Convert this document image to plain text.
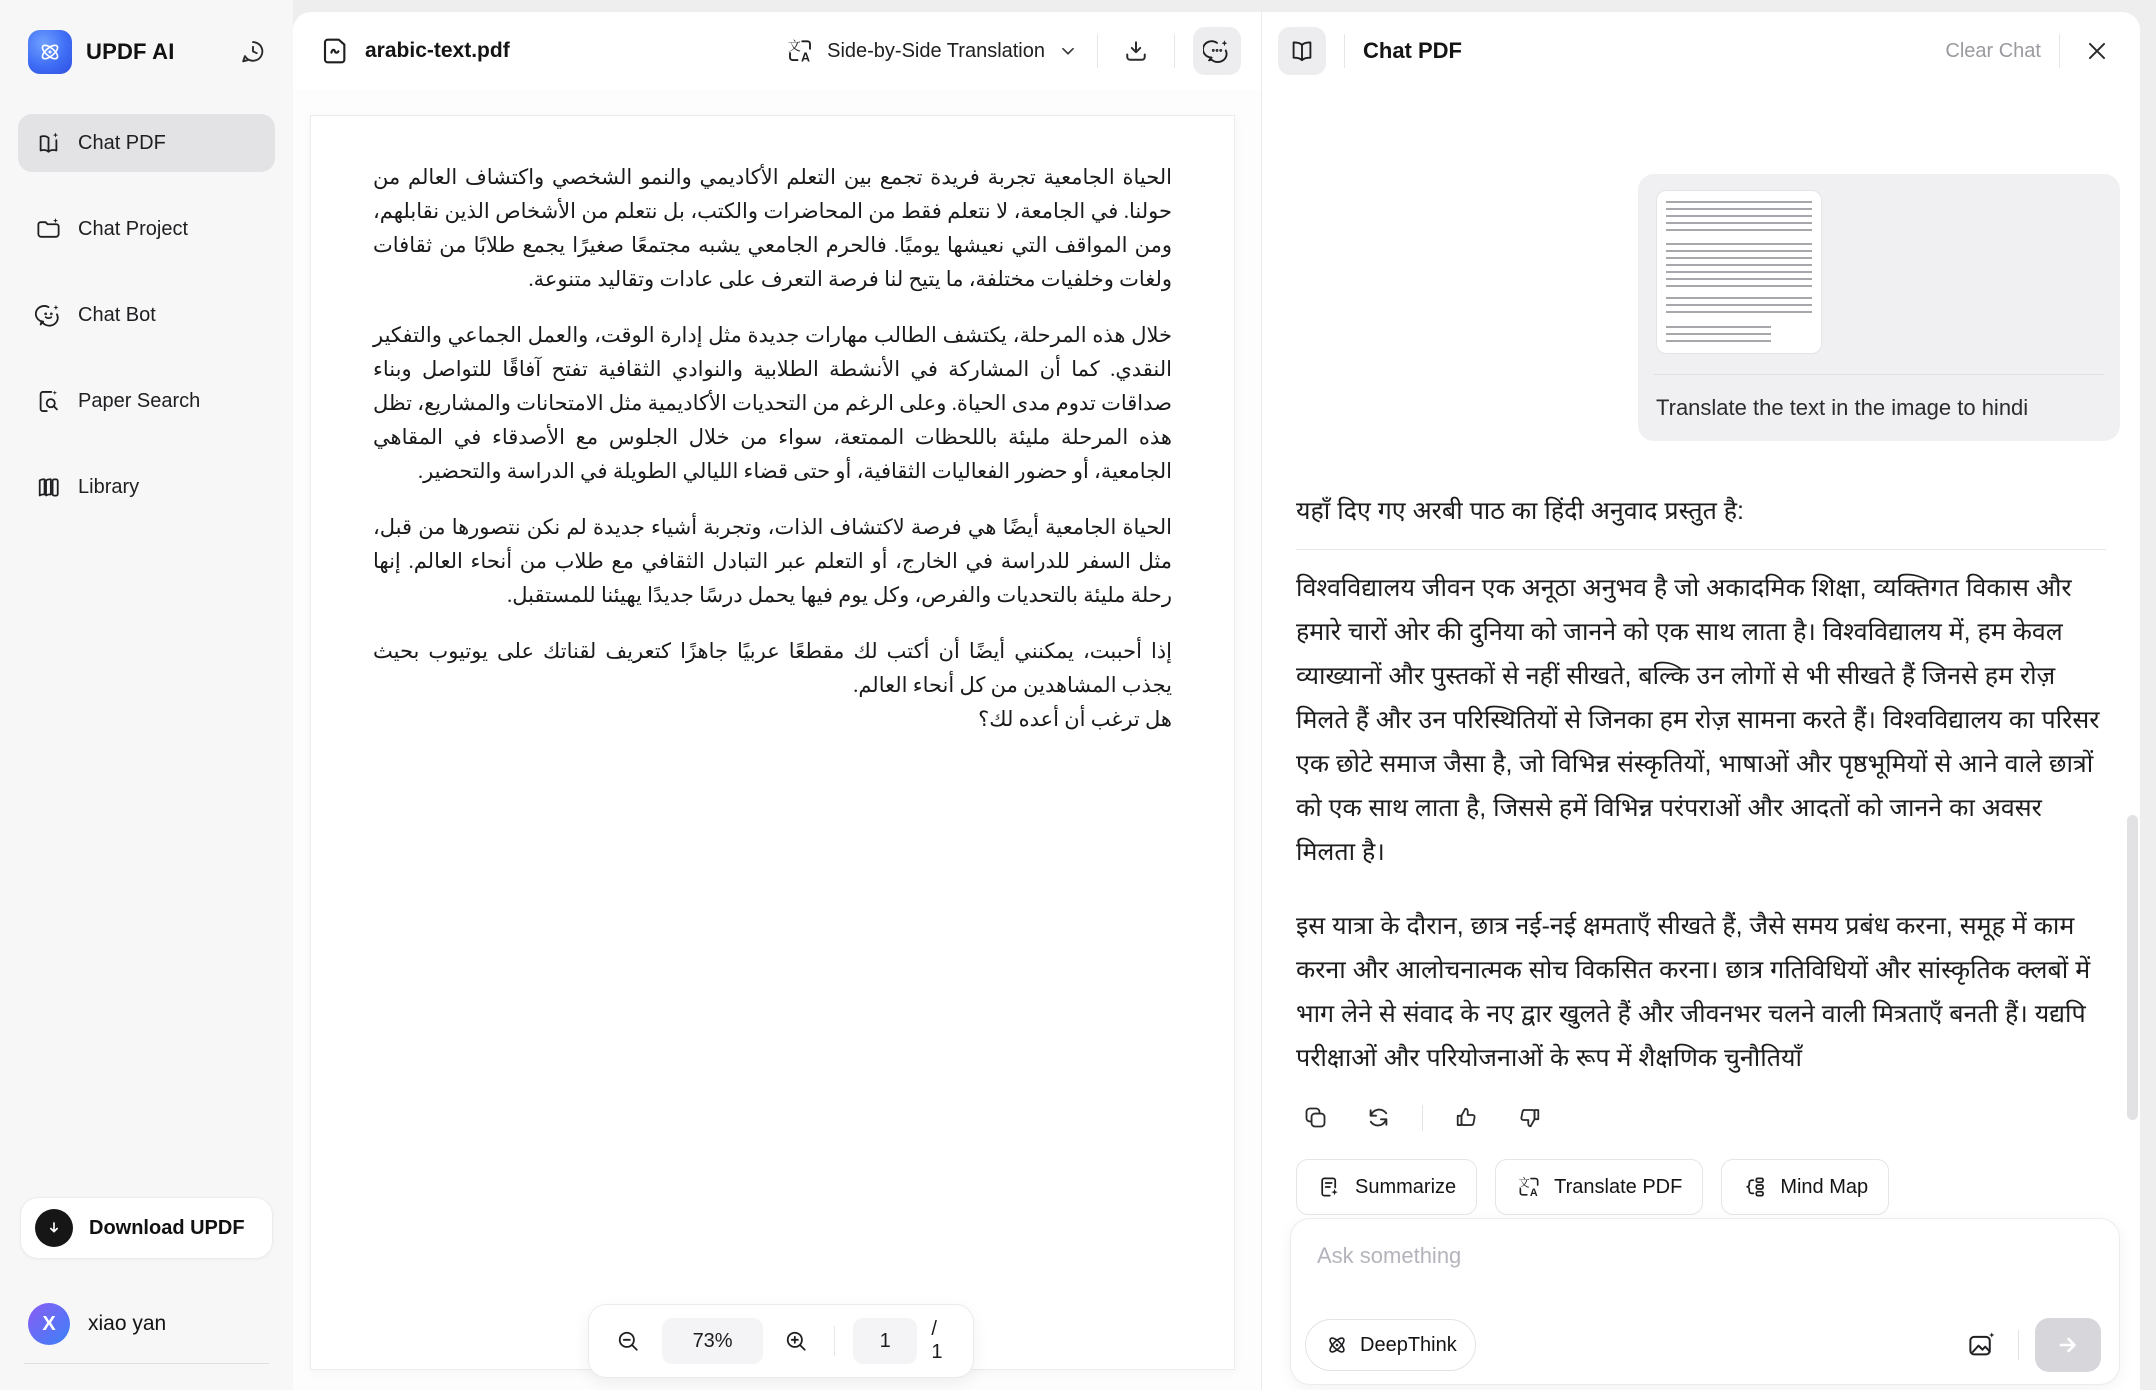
UPDF AI
Chat PDF
Chat Project
Chat Bot
Paper Search
Library
Download UPDF
X	xiao yan
arabic-text.pdf	文
A Side-by-Side Translation

الحياة الجامعية تجربة فريدة تجمع بين التعلم الأكاديمي والنمو الشخصي واكتشاف العالم من حولنا. في الجامعة، لا نتعلم فقط من المحاضرات والكتب، بل نتعلم من الأشخاص الذين نقابلهم، ومن المواقف التي نعيشها يوميًا. فالحرم الجامعي يشبه مجتمعًا صغيرًا يجمع طلابًا من ثقافات ولغات وخلفيات مختلفة، ما يتيح لنا فرصة التعرف على عادات وتقاليد متنوعة.

خلال هذه المرحلة، يكتشف الطالب مهارات جديدة مثل إدارة الوقت، والعمل الجماعي والتفكير النقدي. كما أن المشاركة في الأنشطة الطلابية والنوادي الثقافية تفتح آفاقًا للتواصل وبناء صداقات تدوم مدى الحياة. وعلى الرغم من التحديات الأكاديمية مثل الامتحانات والمشاريع، تظل هذه المرحلة مليئة باللحظات الممتعة، سواء من خلال الجلوس مع الأصدقاء في المقاهي الجامعية، أو حضور الفعاليات الثقافية، أو حتى قضاء الليالي الطويلة في الدراسة والتحضير.

الحياة الجامعية أيضًا هي فرصة لاكتشاف الذات، وتجربة أشياء جديدة لم نكن نتصورها من قبل، مثل السفر للدراسة في الخارج، أو التعلم عبر التبادل الثقافي مع طلاب من أنحاء العالم. إنها رحلة مليئة بالتحديات والفرص، وكل يوم فيها يحمل درسًا جديدًا يهيئنا للمستقبل.

إذا أحببت، يمكنني أيضًا أن أكتب لك مقطعًا عربيًا جاهزًا كتعريف لقناتك على يوتيوب بحيث يجذب المشاهدين من كل أنحاء العالم.

هل ترغب أن أعده لك؟

73%	1
/ 1
Chat PDF	Clear Chat
Translate the text in the image to hindi
यहाँ दिए गए अरबी पाठ का हिंदी अनुवाद प्रस्तुत है:

विश्वविद्यालय जीवन एक अनूठा अनुभव है जो अकादमिक शिक्षा, व्यक्तिगत विकास और हमारे चारों ओर की दुनिया को जानने को एक साथ लाता है। विश्वविद्यालय में, हम केवल व्याख्यानों और पुस्तकों से नहीं सीखते, बल्कि उन लोगों से भी सीखते हैं जिनसे हम रोज़ मिलते हैं और उन परिस्थितियों से जिनका हम रोज़ सामना करते हैं। विश्वविद्यालय का परिसर एक छोटे समाज जैसा है, जो विभिन्न संस्कृतियों, भाषाओं और पृष्ठभूमियों से आने वाले छात्रों को एक साथ लाता है, जिससे हमें विभिन्न परंपराओं और आदतों को जानने का अवसर मिलता है।

इस यात्रा के दौरान, छात्र नई-नई क्षमताएँ सीखते हैं, जैसे समय प्रबंध करना, समूह में काम करना और आलोचनात्मक सोच विकसित करना। छात्र गतिविधियों और सांस्कृतिक क्लबों में भाग लेने से संवाद के नए द्वार खुलते हैं और जीवनभर चलने वाली मित्रताएँ बनती हैं। यद्यपि परीक्षाओं और परियोजनाओं के रूप में शैक्षणिक चुनौतियाँ

Summarize	文
A Translate PDF	Mind Map
Ask something
DeepThink
